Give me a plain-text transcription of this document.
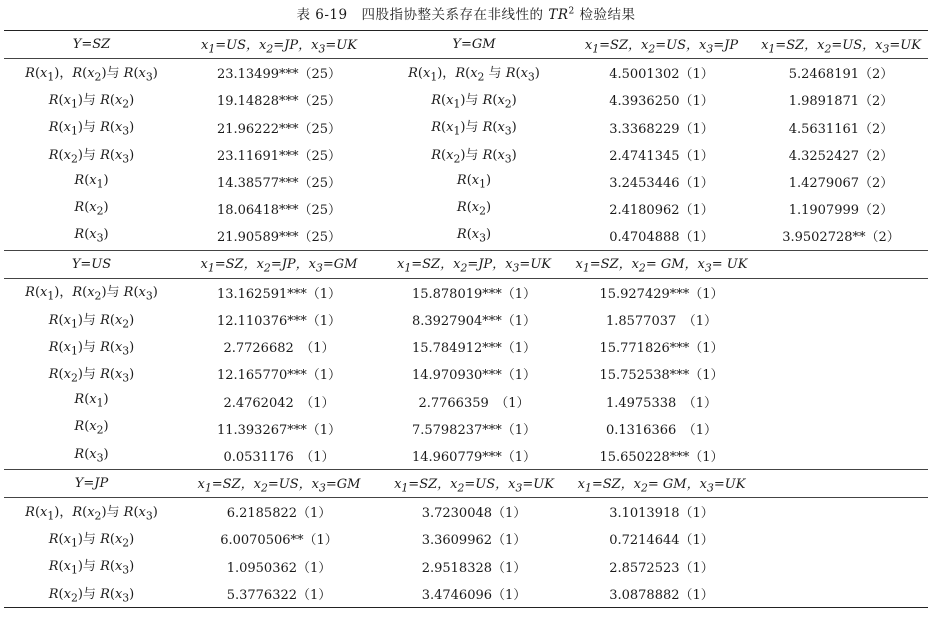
表 6-19　四股指协整关系存在非线性的 $TR^2$ 检验结果
Y=SZ	$x_1=US$，$x_2=JP$，$x_3=UK$	Y=GM	$x_1=SZ$，$x_2=US$，$x_3=JP$	$x_1=SZ$，$x_2=US$，$x_3=UK$
$R(x_1)$，$R(x_2)$与 $R(x_3)$	23.13499***（25）	$R(x_1)$，$R(x_2$ 与 $R(x_3)$	4.5001302（1）	5.2468191（2）
$R(x_1)$与 $R(x_2)$	19.14828***（25）	$R(x_1)$与 $R(x_2)$	4.3936250（1）	1.9891871（2）
$R(x_1)$与 $R(x_3)$	21.96222***（25）	$R(x_1)$与 $R(x_3)$	3.3368229（1）	4.5631161（2）
$R(x_2)$与 $R(x_3)$	23.11691***（25）	$R(x_2)$与 $R(x_3)$	2.4741345（1）	4.3252427（2）
$R(x_1)$	14.38577***（25）	$R(x_1)$	3.2453446（1）	1.4279067（2）
$R(x_2)$	18.06418***（25）	$R(x_2)$	2.4180962（1）	1.1907999（2）
$R(x_3)$	21.90589***（25）	$R(x_3)$	0.4704888（1）	3.9502728**（2）
Y=US	$x_1=SZ$，$x_2=JP$，$x_3=GM$	$x_1=SZ$，$x_2=JP$，$x_3=UK$	$x_1=SZ$，$x_2=$ GM，$x_3=$ UK	
$R(x_1)$，$R(x_2)$与 $R(x_3)$	13.162591***（1）	15.878019***（1）	15.927429***（1）	
$R(x_1)$与 $R(x_2)$	12.110376***（1）	8.3927904***（1）	1.8577037　（1）	
$R(x_1)$与 $R(x_3)$	2.7726682　（1）	15.784912***（1）	15.771826***（1）	
$R(x_2)$与 $R(x_3)$	12.165770***（1）	14.970930***（1）	15.752538***（1）	
$R(x_1)$	2.4762042　（1）	2.7766359　（1）	1.4975338　（1）	
$R(x_2)$	11.393267***（1）	7.5798237***（1）	0.1316366　（1）	
$R(x_3)$	0.0531176　（1）	14.960779***（1）	15.650228***（1）	
Y=JP	$x_1=SZ$，$x_2=US$，$x_3=GM$	$x_1=SZ$，$x_2=US$，$x_3=UK$	$x_1=SZ$，$x_2=$ GM，$x_3=UK$	
$R(x_1)$，$R(x_2)$与 $R(x_3)$	6.2185822（1）	3.7230048（1）	3.1013918（1）	
$R(x_1)$与 $R(x_2)$	6.0070506**（1）	3.3609962（1）	0.7214644（1）	
$R(x_1)$与 $R(x_3)$	1.0950362（1）	2.9518328（1）	2.8572523（1）	
$R(x_2)$与 $R(x_3)$	5.3776322（1）	3.4746096（1）	3.0878882（1）	
